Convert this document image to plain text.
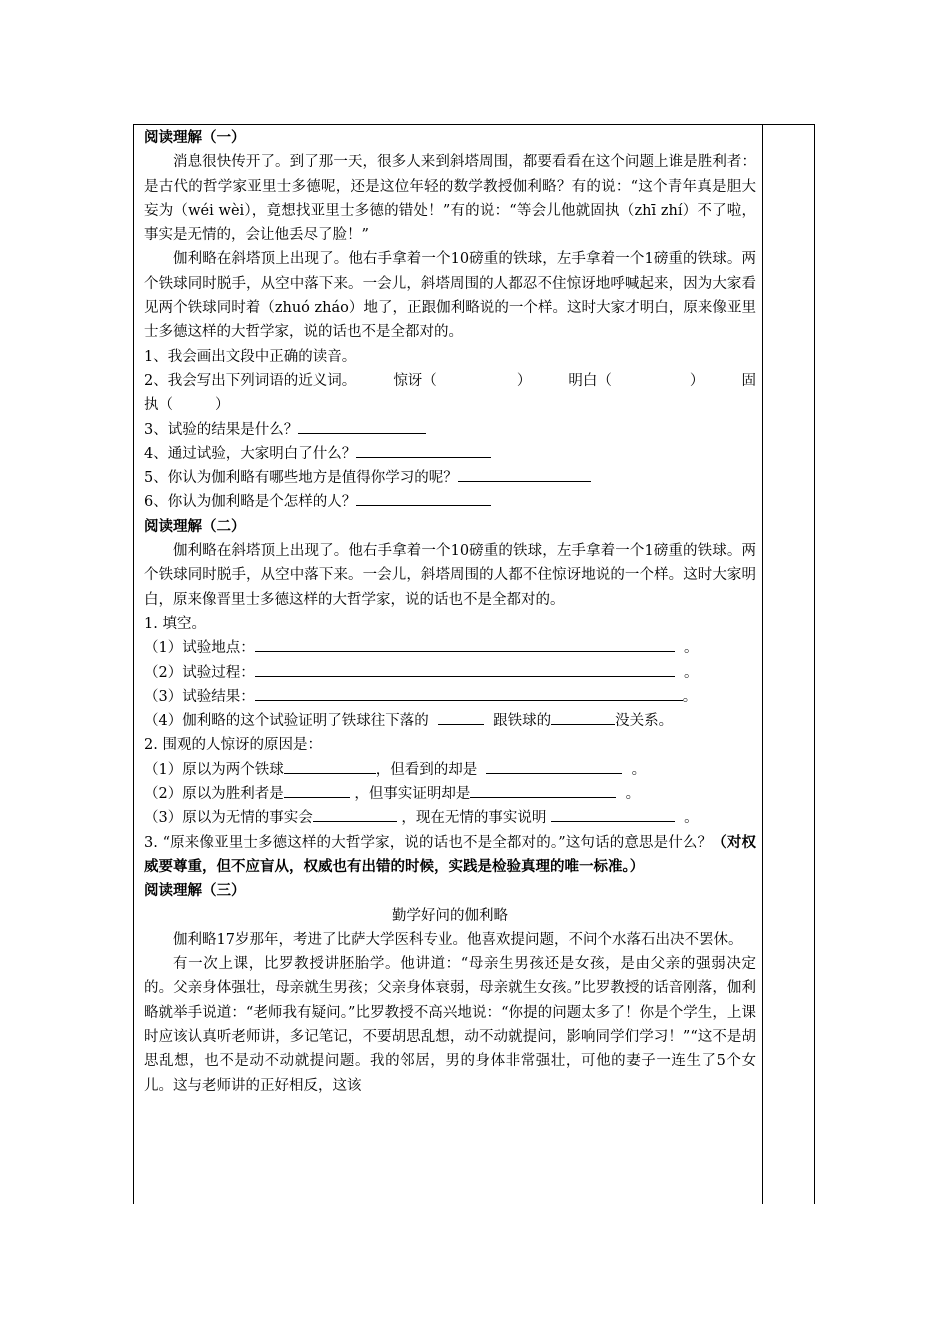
阅读理解（一）

消息很快传开了。到了那一天，很多人来到斜塔周围，都要看看在这个问题上谁是胜利者：是古代的哲学家亚里士多德呢，还是这位年轻的数学教授伽利略？有的说：“这个青年真是胆大妄为（wéi wèi），竟想找亚里士多德的错处！”有的说：“等会儿他就固执（zhī zhí）不了啦，事实是无情的，会让他丢尽了脸！”

伽利略在斜塔顶上出现了。他右手拿着一个10磅重的铁球，左手拿着一个1磅重的铁球。两个铁球同时脱手，从空中落下来。一会儿，斜塔周围的人都忍不住惊讶地呼喊起来，因为大家看见两个铁球同时着（zhuó zháo）地了，正跟伽利略说的一个样。这时大家才明白，原来像亚里士多德这样的大哲学家，说的话也不是全都对的。

1、我会画出文段中正确的读音。

2、我会写出下列词语的近义词。	惊讶（	）	明白（	）	固

执（	）

3、试验的结果是什么？

4、通过试验，大家明白了什么？

5、你认为伽利略有哪些地方是值得你学习的呢？

6、你认为伽利略是个怎样的人？

阅读理解（二）

伽利略在斜塔顶上出现了。他右手拿着一个10磅重的铁球，左手拿着一个1磅重的铁球。两个铁球同时脱手，从空中落下来。一会儿，斜塔周围的人都不住惊讶地说的一个样。这时大家明白，原来像晋里士多德这样的大哲学家，说的话也不是全都对的。

1. 填空。

（1）试验地点：	。

（2）试验过程：	。

（3）试验结果：	。

（4）伽利略的这个试验证明了铁球往下落的	跟铁球的	没关系。

2. 围观的人惊讶的原因是：

（1）原以为两个铁球	，但看到的却是	。

（2）原以为胜利者是	，但事实证明却是	。

（3）原以为无情的事实会	，现在无情的事实说明	。

3. “原来像亚里士多德这样的大哲学家，说的话也不是全都对的。”这句话的意思是什么？（对权威要尊重，但不应盲从，权威也有出错的时候，实践是检验真理的唯一标准。）

阅读理解（三）

勤学好问的伽利略

伽利略17岁那年，考进了比萨大学医科专业。他喜欢提问题，不问个水落石出决不罢休。

有一次上课，比罗教授讲胚胎学。他讲道：“母亲生男孩还是女孩，是由父亲的强弱决定的。父亲身体强壮，母亲就生男孩；父亲身体衰弱，母亲就生女孩。”比罗教授的话音刚落，伽利略就举手说道：“老师我有疑问。”比罗教授不高兴地说：“你提的问题太多了！你是个学生，上课时应该认真听老师讲，多记笔记，不要胡思乱想，动不动就提问，影响同学们学习！”“这不是胡思乱想，也不是动不动就提问题。我的邻居，男的身体非常强壮，可他的妻子一连生了5个女儿。这与老师讲的正好相反，这该
